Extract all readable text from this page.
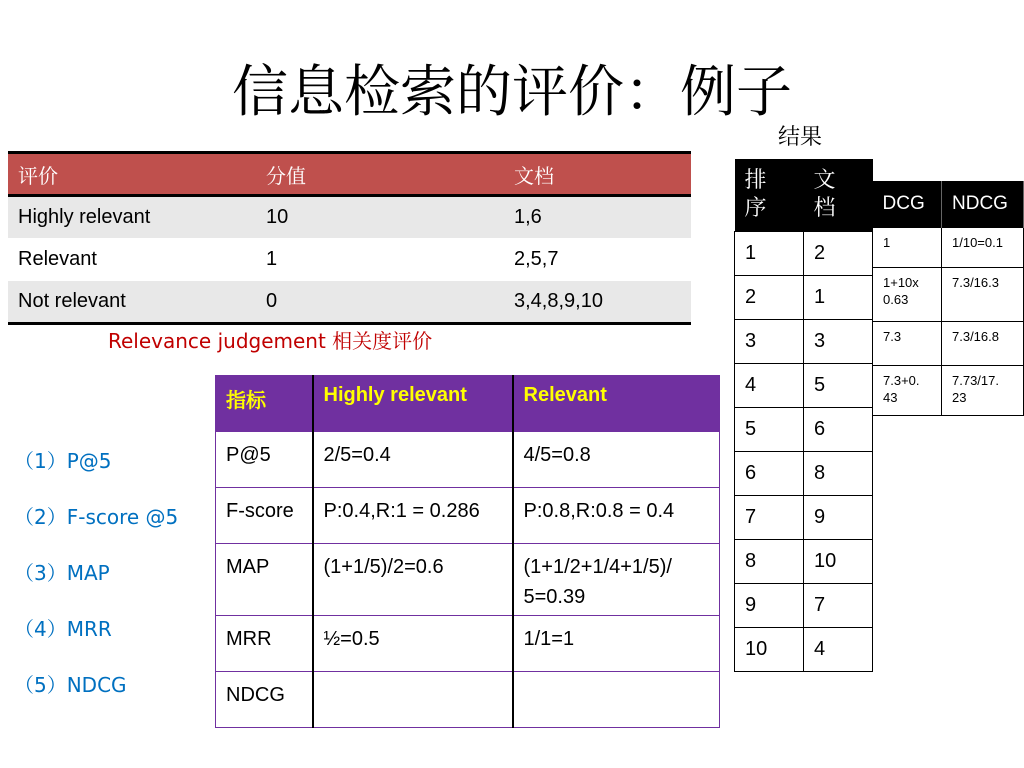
信息检索的评价：例子
结果
评价	分值	文档
Highly relevant	10	1,6
Relevant	1	2,5,7
Not relevant	0	3,4,8,9,10
Relevance judgement 相关度评价
（1）P@5
（2）F-score @5
（3）MAP
（4）MRR
（5）NDCG
指标	Highly relevant	Relevant
P@5	2/5=0.4	4/5=0.8
F-score	P:0.4,R:1 = 0.286	P:0.8,R:0.8 = 0.4
MAP	(1+1/5)/2=0.6	(1+1/2+1/4+1/5)/ 5=0.39
MRR	½=0.5	1/1=1
NDCG		
排 序	文 档
1	2
2	1
3	3
4	5
5	6
6	8
7	9
8	10
9	7
10	4
DCG	NDCG
1	1/10=0.1
1+10x 0.63	7.3/16.3
7.3	7.3/16.8
7.3+0. 43	7.73/17. 23
